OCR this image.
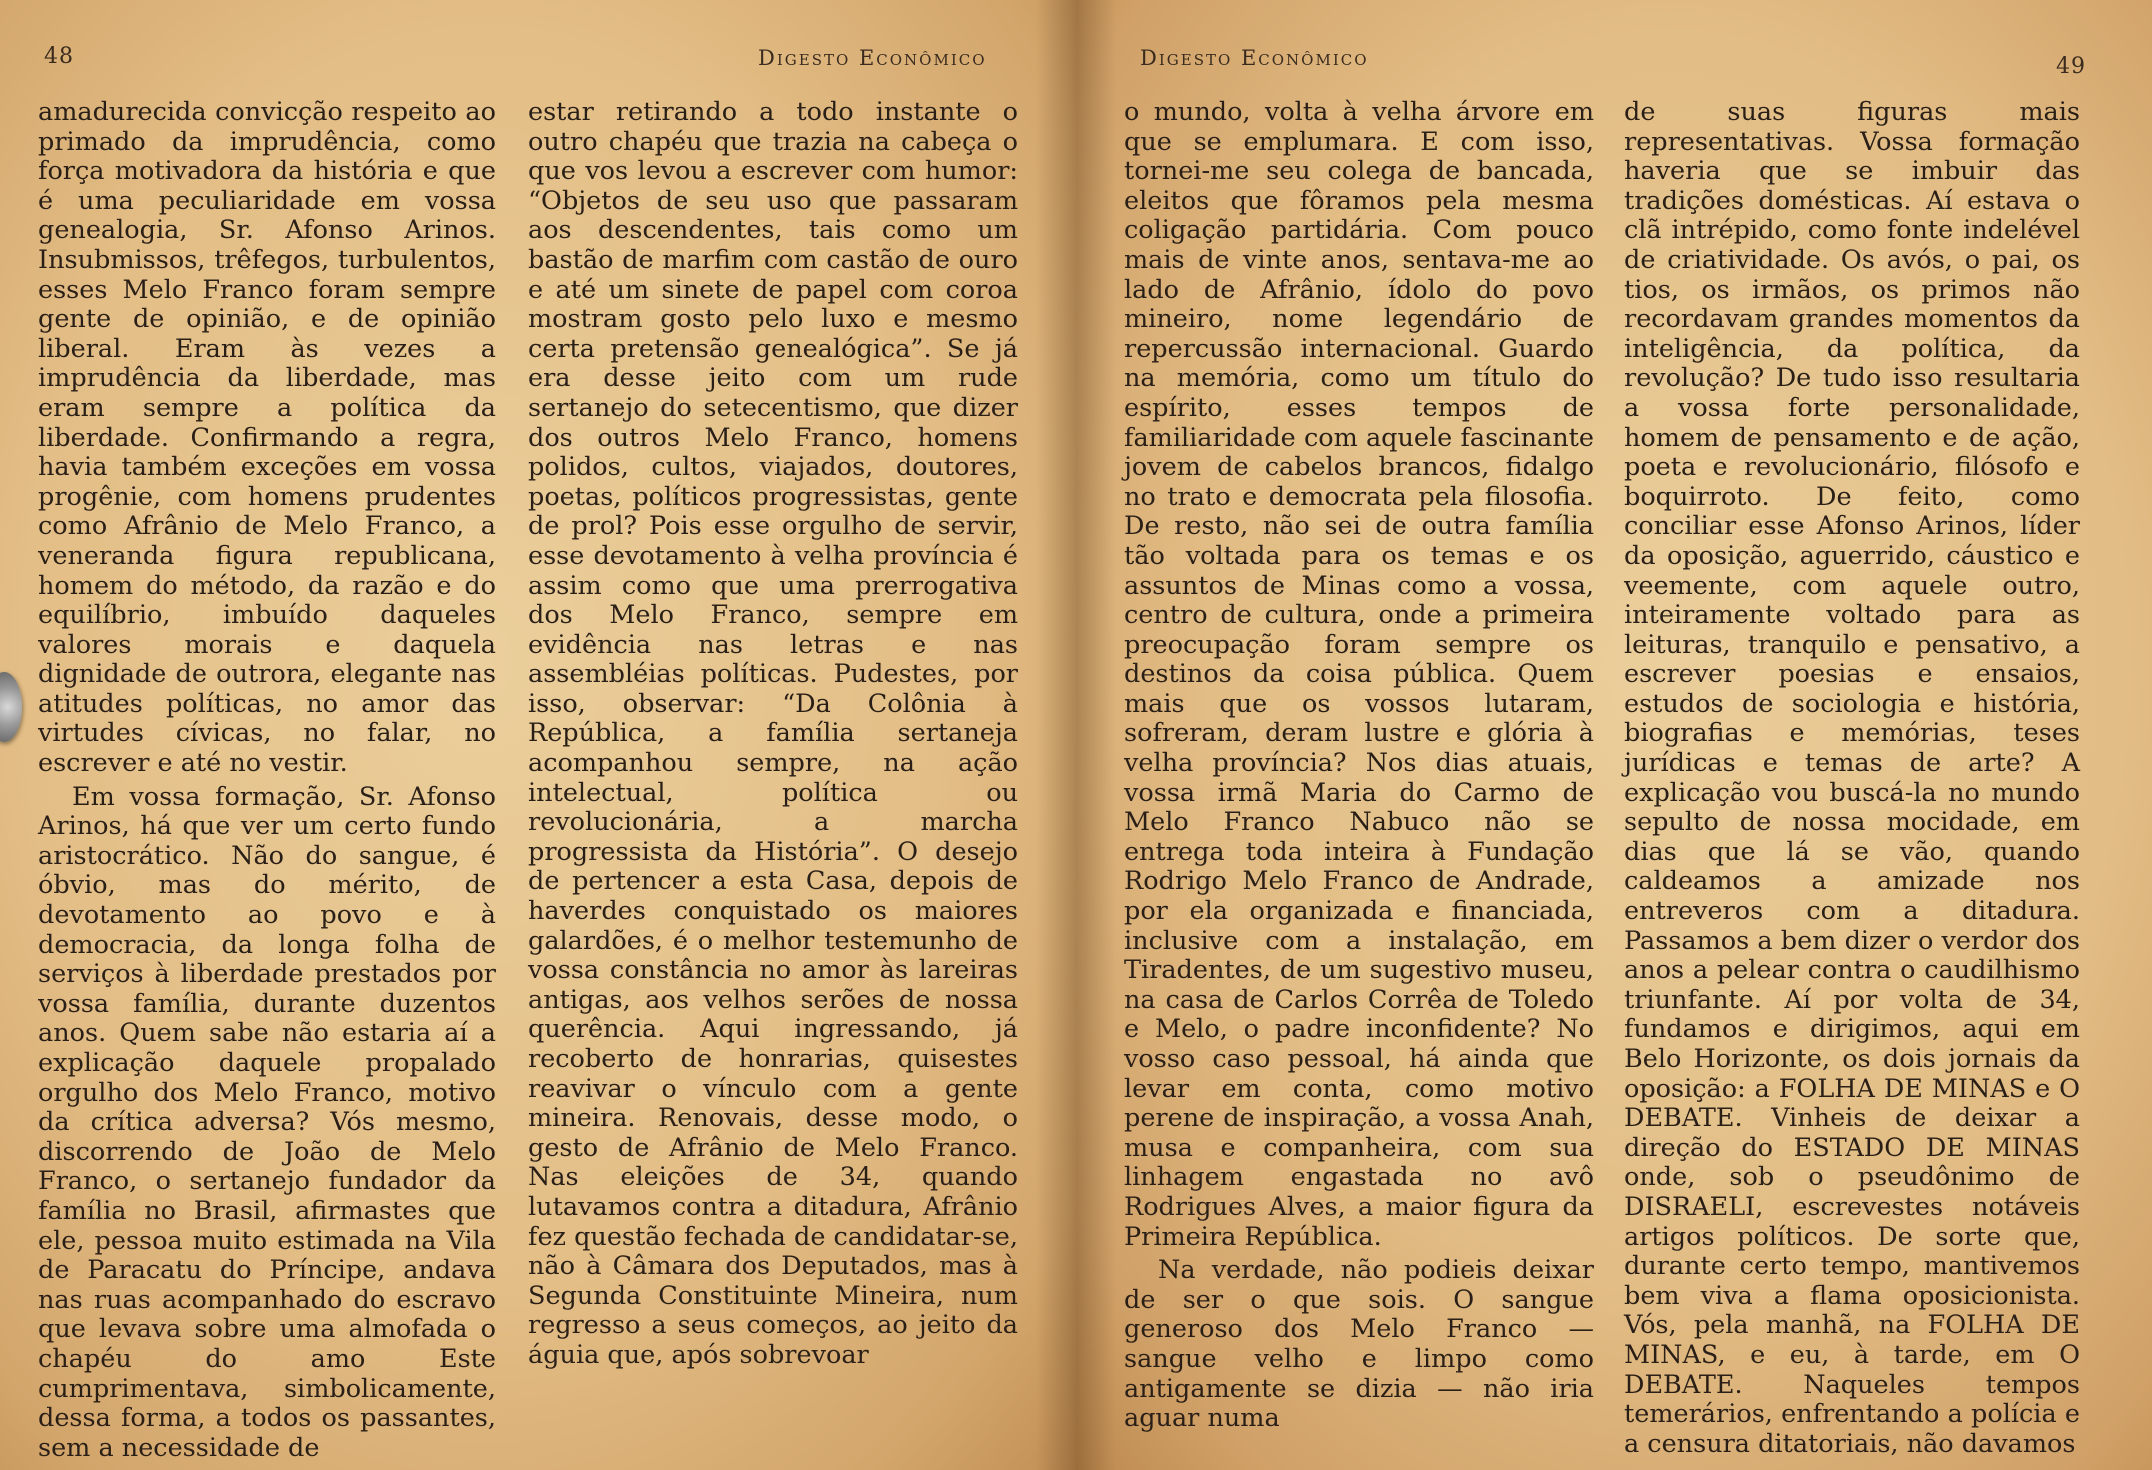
48	Digesto Econômico

amadurecida convicção respeito ao primado da imprudência, como força motivadora da história e que é uma peculiaridade em vossa genealogia, Sr. Afonso Arinos. Insubmissos, trêfegos, turbulentos, esses Melo Franco foram sempre gente de opinião, e de opinião liberal. Eram às vezes a imprudência da liberdade, mas eram sempre a política da liberdade. Confirmando a regra, havia também exceções em vossa progênie, com homens prudentes como Afrânio de Melo Franco, a veneranda figura republicana, homem do método, da razão e do equilíbrio, imbuído daqueles valores morais e daquela dignidade de outrora, elegante nas atitudes políticas, no amor das virtudes cívicas, no falar, no escrever e até no vestir.

Em vossa formação, Sr. Afonso Arinos, há que ver um certo fundo aristocrático. Não do sangue, é óbvio, mas do mérito, de devotamento ao povo e à democracia, da longa folha de serviços à liberdade prestados por vossa família, durante duzentos anos. Quem sabe não estaria aí a explicação daquele propalado orgulho dos Melo Franco, motivo da crítica adversa? Vós mesmo, discorrendo de João de Melo Franco, o sertanejo fundador da família no Brasil, afirmastes que ele, pessoa muito estimada na Vila de Paracatu do Príncipe, andava nas ruas acompanhado do escravo que levava sobre uma almofada o chapéu do amo Este cumprimentava, simbolicamente, dessa forma, a todos os passantes, sem a necessidade de

estar retirando a todo instante o outro chapéu que trazia na cabeça o que vos levou a escrever com humor: “Objetos de seu uso que passaram aos descendentes, tais como um bastão de marfim com castão de ouro e até um sinete de papel com coroa mostram gosto pelo luxo e mesmo certa pretensão genealógica”. Se já era desse jeito com um rude sertanejo do setecentismo, que dizer dos outros Melo Franco, homens polidos, cultos, viajados, doutores, poetas, políticos progressistas, gente de prol? Pois esse orgulho de servir, esse devotamento à velha província é assim como que uma prerrogativa dos Melo Franco, sempre em evidência nas letras e nas assembléias políticas. Pudestes, por isso, observar: “Da Colônia à República, a família sertaneja acompanhou sempre, na ação intelectual, política ou revolucionária, a marcha progressista da História”. O desejo de pertencer a esta Casa, depois de haverdes conquistado os maiores galardões, é o melhor testemunho de vossa constância no amor às lareiras antigas, aos velhos serões de nossa querência. Aqui ingressando, já recoberto de honrarias, quisestes reavivar o vínculo com a gente mineira. Renovais, desse modo, o gesto de Afrânio de Melo Franco. Nas eleições de 34, quando lutavamos contra a ditadura, Afrânio fez questão fechada de candidatar-se, não à Câmara dos Deputados, mas à Segunda Constituinte Mineira, num regresso a seus começos, ao jeito da águia que, após sobrevoar

Digesto Econômico	49

o mundo, volta à velha árvore em que se emplumara. E com isso, tornei-me seu colega de bancada, eleitos que fôramos pela mesma coligação partidária. Com pouco mais de vinte anos, sentava-me ao lado de Afrânio, ídolo do povo mineiro, nome legendário de repercussão internacional. Guardo na memória, como um título do espírito, esses tempos de familiaridade com aquele fascinante jovem de cabelos brancos, fidalgo no trato e democrata pela filosofia. De resto, não sei de outra família tão voltada para os temas e os assuntos de Minas como a vossa, centro de cultura, onde a primeira preocupação foram sempre os destinos da coisa pública. Quem mais que os vossos lutaram, sofreram, deram lustre e glória à velha província? Nos dias atuais, vossa irmã Maria do Carmo de Melo Franco Nabuco não se entrega toda inteira à Fundação Rodrigo Melo Franco de Andrade, por ela organizada e financiada, inclusive com a instalação, em Tiradentes, de um sugestivo museu, na casa de Carlos Corrêa de Toledo e Melo, o padre inconfidente? No vosso caso pessoal, há ainda que levar em conta, como motivo perene de inspiração, a vossa Anah, musa e companheira, com sua linhagem engastada no avô Rodrigues Alves, a maior figura da Primeira República.

Na verdade, não podieis deixar de ser o que sois. O sangue generoso dos Melo Franco — sangue velho e limpo como antigamente se dizia — não iria aguar numa

de suas figuras mais representativas. Vossa formação haveria que se imbuir das tradições domésticas. Aí estava o clã intrépido, como fonte indelével de criatividade. Os avós, o pai, os tios, os irmãos, os primos não recordavam grandes momentos da inteligência, da política, da revolução? De tudo isso resultaria a vossa forte personalidade, homem de pensamento e de ação, poeta e revolucionário, filósofo e boquirroto. De feito, como conciliar esse Afonso Arinos, líder da oposição, aguerrido, cáustico e veemente, com aquele outro, inteiramente voltado para as leituras, tranquilo e pensativo, a escrever poesias e ensaios, estudos de sociologia e história, biografias e memórias, teses jurídicas e temas de arte? A explicação vou buscá-la no mundo sepulto de nossa mocidade, em dias que lá se vão, quando caldeamos a amizade nos entreveros com a ditadura. Passamos a bem dizer o verdor dos anos a pelear contra o caudilhismo triunfante. Aí por volta de 34, fundamos e dirigimos, aqui em Belo Horizonte, os dois jornais da oposição: a FOLHA DE MINAS e O DEBATE. Vinheis de deixar a direção do ESTADO DE MINAS onde, sob o pseudônimo de DISRAELI, escrevestes notáveis artigos políticos. De sorte que, durante certo tempo, mantivemos bem viva a flama oposicionista. Vós, pela manhã, na FOLHA DE MINAS, e eu, à tarde, em O DEBATE. Naqueles tempos temerários, enfrentando a polícia e a censura ditatoriais, não davamos
